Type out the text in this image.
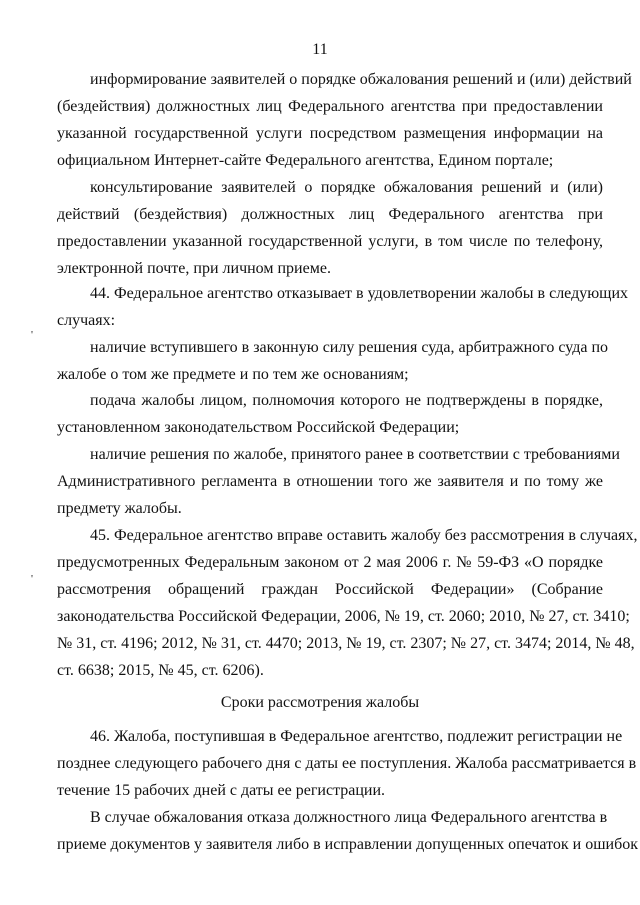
11
'
'
информирование заявителей о порядке обжалования решений и (или) действий
(бездействия) должностных лиц Федерального агентства при предоставлении
указанной государственной услуги посредством размещения информации на
официальном Интернет-сайте Федерального агентства, Едином портале;
консультирование заявителей о порядке обжалования решений и (или)
действий (бездействия) должностных лиц Федерального агентства при
предоставлении указанной государственной услуги, в том числе по телефону,
электронной почте, при личном приеме.
44. Федеральное агентство отказывает в удовлетворении жалобы в следующих
случаях:
наличие вступившего в законную силу решения суда, арбитражного суда по
жалобе о том же предмете и по тем же основаниям;
подача жалобы лицом, полномочия которого не подтверждены в порядке,
установленном законодательством Российской Федерации;
наличие решения по жалобе, принятого ранее в соответствии с требованиями
Административного регламента в отношении того же заявителя и по тому же
предмету жалобы.
45. Федеральное агентство вправе оставить жалобу без рассмотрения в случаях,
предусмотренных Федеральным законом от 2 мая 2006 г. № 59-ФЗ «О порядке
рассмотрения обращений граждан Российской Федерации» (Собрание
законодательства Российской Федерации, 2006, № 19, ст. 2060; 2010, № 27, ст. 3410;
№ 31, ст. 4196; 2012, № 31, ст. 4470; 2013, № 19, ст. 2307; № 27, ст. 3474; 2014, № 48,
ст. 6638; 2015, № 45, ст. 6206).
Сроки рассмотрения жалобы
46. Жалоба, поступившая в Федеральное агентство, подлежит регистрации не
позднее следующего рабочего дня с даты ее поступления. Жалоба рассматривается в
течение 15 рабочих дней с даты ее регистрации.
В случае обжалования отказа должностного лица Федерального агентства в
приеме документов у заявителя либо в исправлении допущенных опечаток и ошибок
